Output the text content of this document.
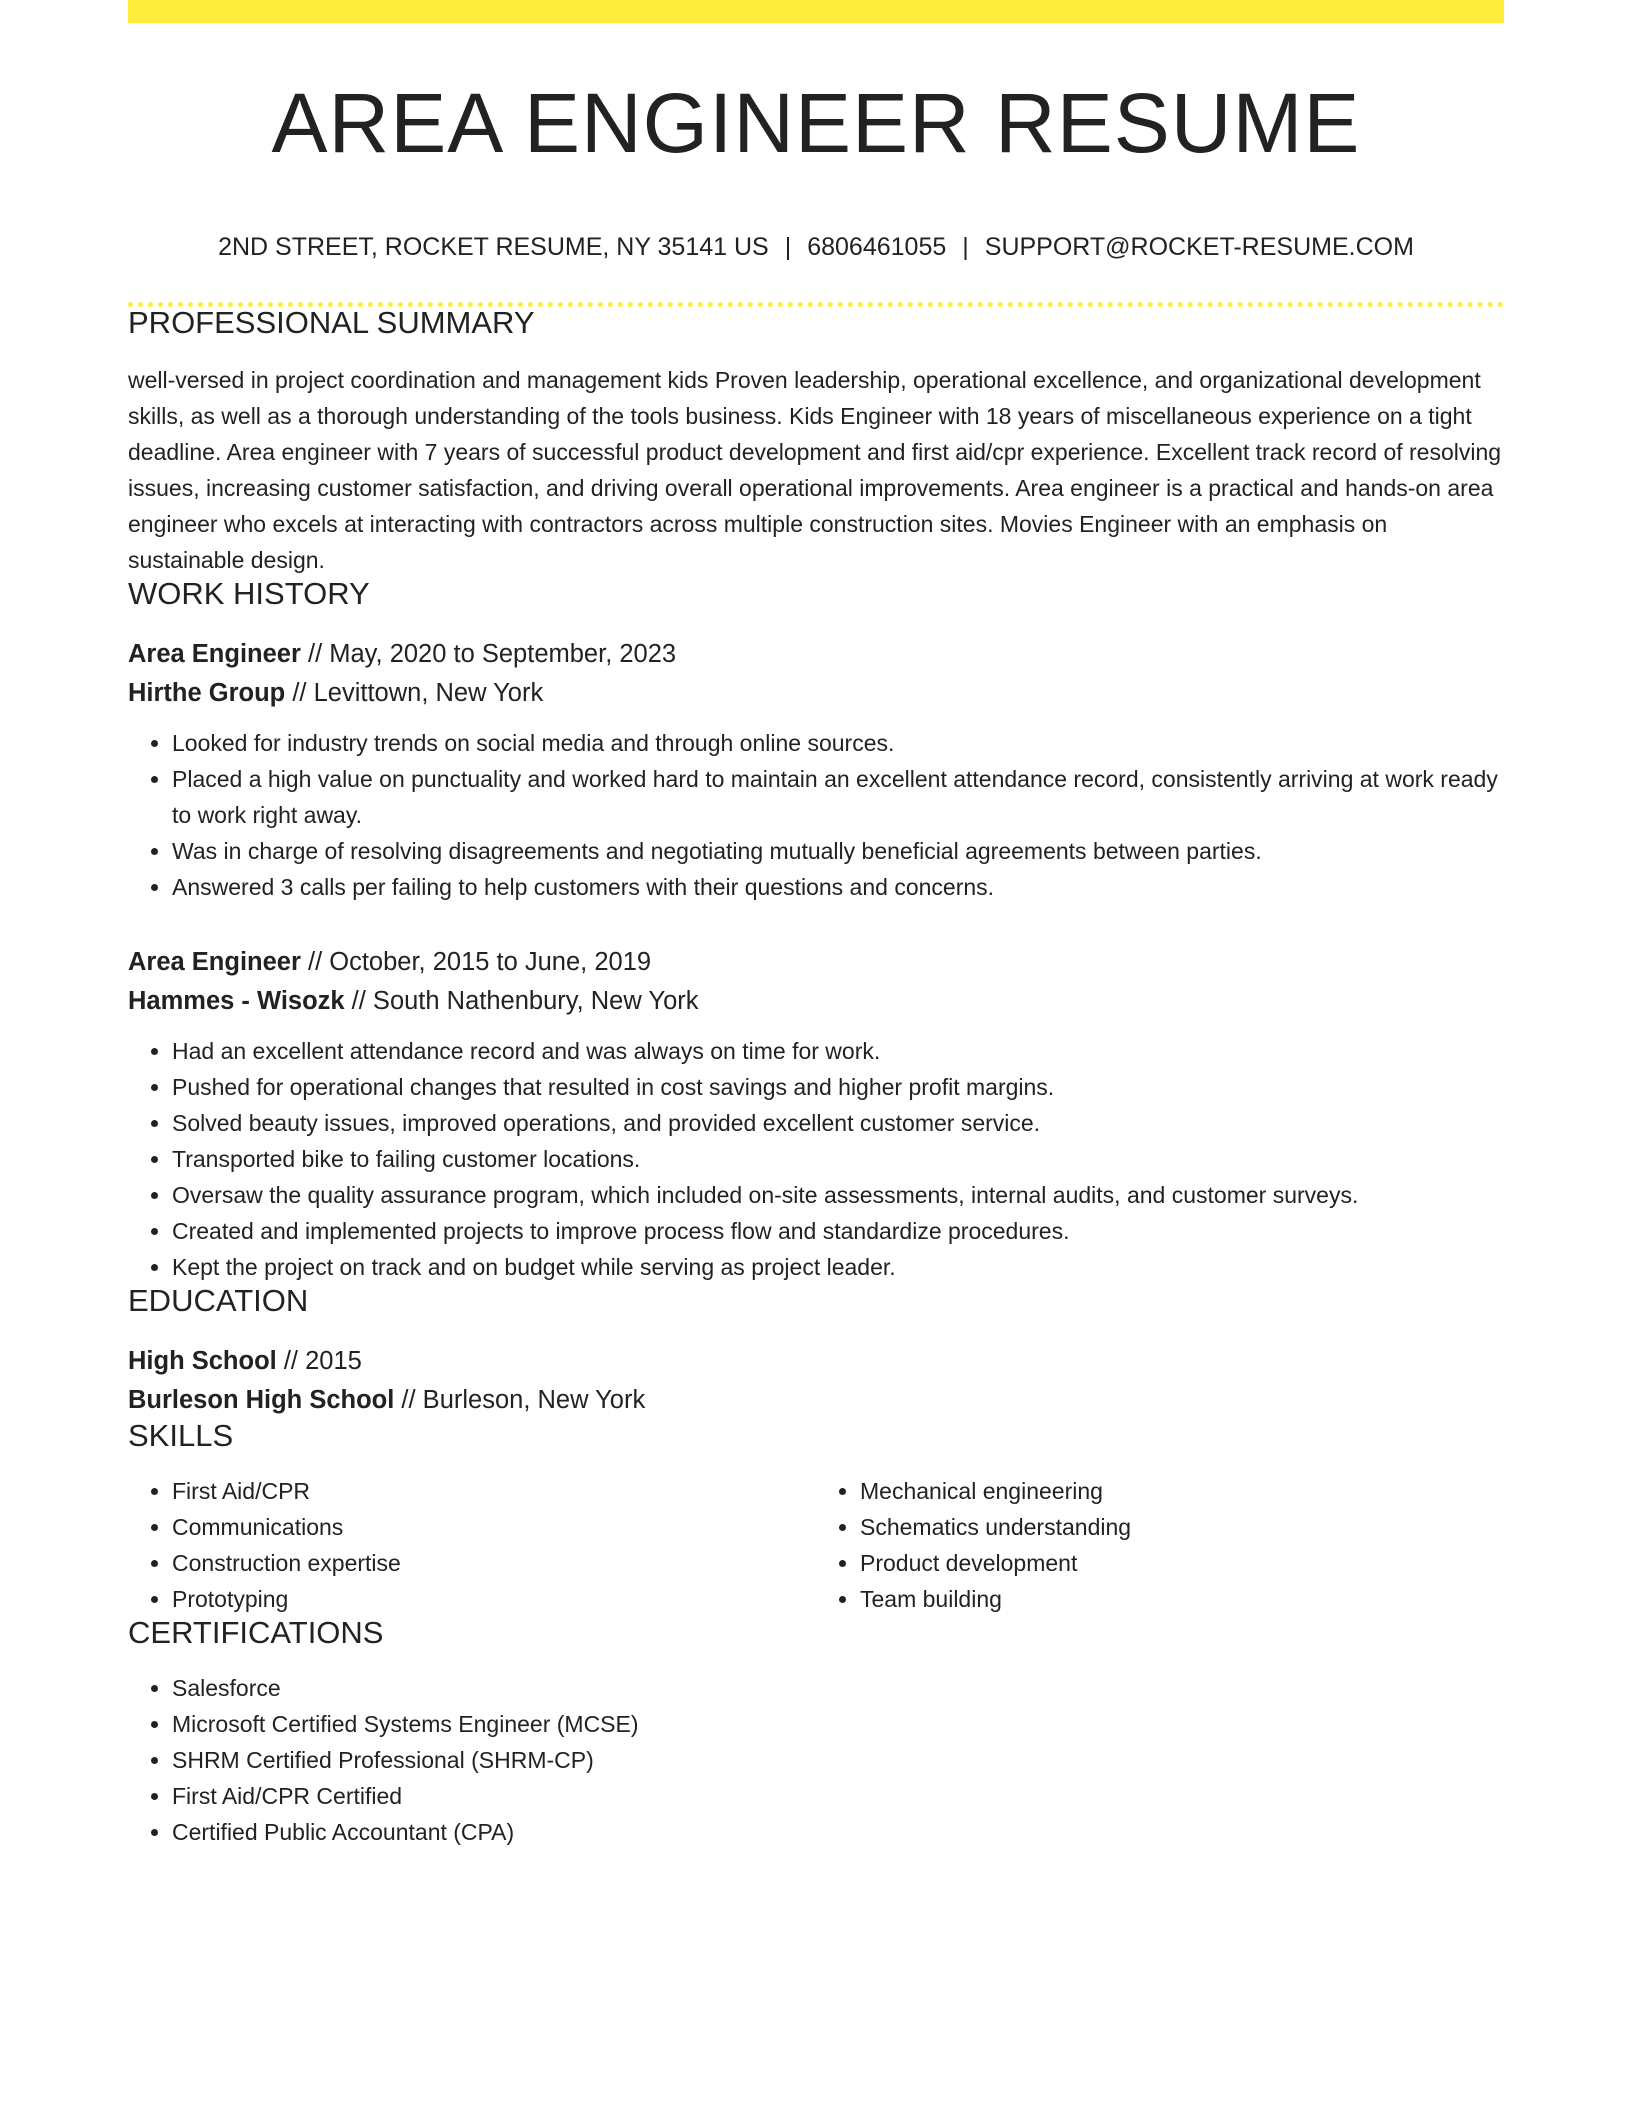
AREA ENGINEER RESUME
2ND STREET, ROCKET RESUME, NY 35141 US | 6806461055 | SUPPORT@ROCKET-RESUME.COM
PROFESSIONAL SUMMARY

well-versed in project coordination and management kids Proven leadership, operational excellence, and organizational development skills, as well as a thorough understanding of the tools business. Kids Engineer with 18 years of miscellaneous experience on a tight deadline. Area engineer with 7 years of successful product development and first aid/cpr experience. Excellent track record of resolving issues, increasing customer satisfaction, and driving overall operational improvements. Area engineer is a practical and hands-on area engineer who excels at interacting with contractors across multiple construction sites. Movies Engineer with an emphasis on sustainable design.

WORK HISTORY
Area Engineer // May, 2020 to September, 2023
Hirthe Group // Levittown, New York
• Looked for industry trends on social media and through online sources.
• Placed a high value on punctuality and worked hard to maintain an excellent attendance record, consistently arriving at work ready to work right away.
• Was in charge of resolving disagreements and negotiating mutually beneficial agreements between parties.
• Answered 3 calls per failing to help customers with their questions and concerns.
Area Engineer // October, 2015 to June, 2019
Hammes - Wisozk // South Nathenbury, New York
• Had an excellent attendance record and was always on time for work.
• Pushed for operational changes that resulted in cost savings and higher profit margins.
• Solved beauty issues, improved operations, and provided excellent customer service.
• Transported bike to failing customer locations.
• Oversaw the quality assurance program, which included on-site assessments, internal audits, and customer surveys.
• Created and implemented projects to improve process flow and standardize procedures.
• Kept the project on track and on budget while serving as project leader.
EDUCATION
High School // 2015
Burleson High School // Burleson, New York
SKILLS
• First Aid/CPR
• Communications
• Construction expertise
• Prototyping
• Mechanical engineering
• Schematics understanding
• Product development
• Team building
CERTIFICATIONS
• Salesforce
• Microsoft Certified Systems Engineer (MCSE)
• SHRM Certified Professional (SHRM-CP)
• First Aid/CPR Certified
• Certified Public Accountant (CPA)
